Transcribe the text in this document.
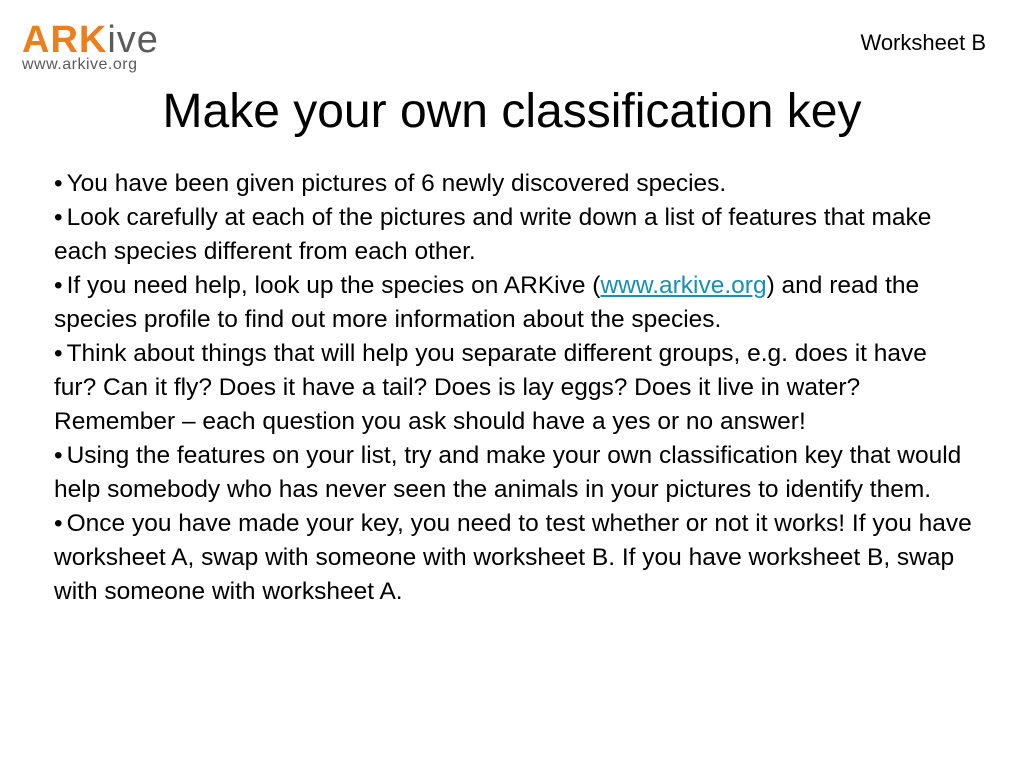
ARKive
www.arkive.org
Worksheet B
Make your own classification key
• You have been given pictures of 6 newly discovered species.
• Look carefully at each of the pictures and write down a list of features that make each species different from each other.
• If you need help, look up the species on ARKive (www.arkive.org) and read the species profile to find out more information about the species.
• Think about things that will help you separate different groups, e.g. does it have fur? Can it fly? Does it have a tail? Does is lay eggs? Does it live in water? Remember – each question you ask should have a yes or no answer!
• Using the features on your list, try and make your own classification key that would help somebody who has never seen the animals in your pictures to identify them.
• Once you have made your key, you need to test whether or not it works! If you have worksheet A, swap with someone with worksheet B. If you have worksheet B, swap with someone with worksheet A.
